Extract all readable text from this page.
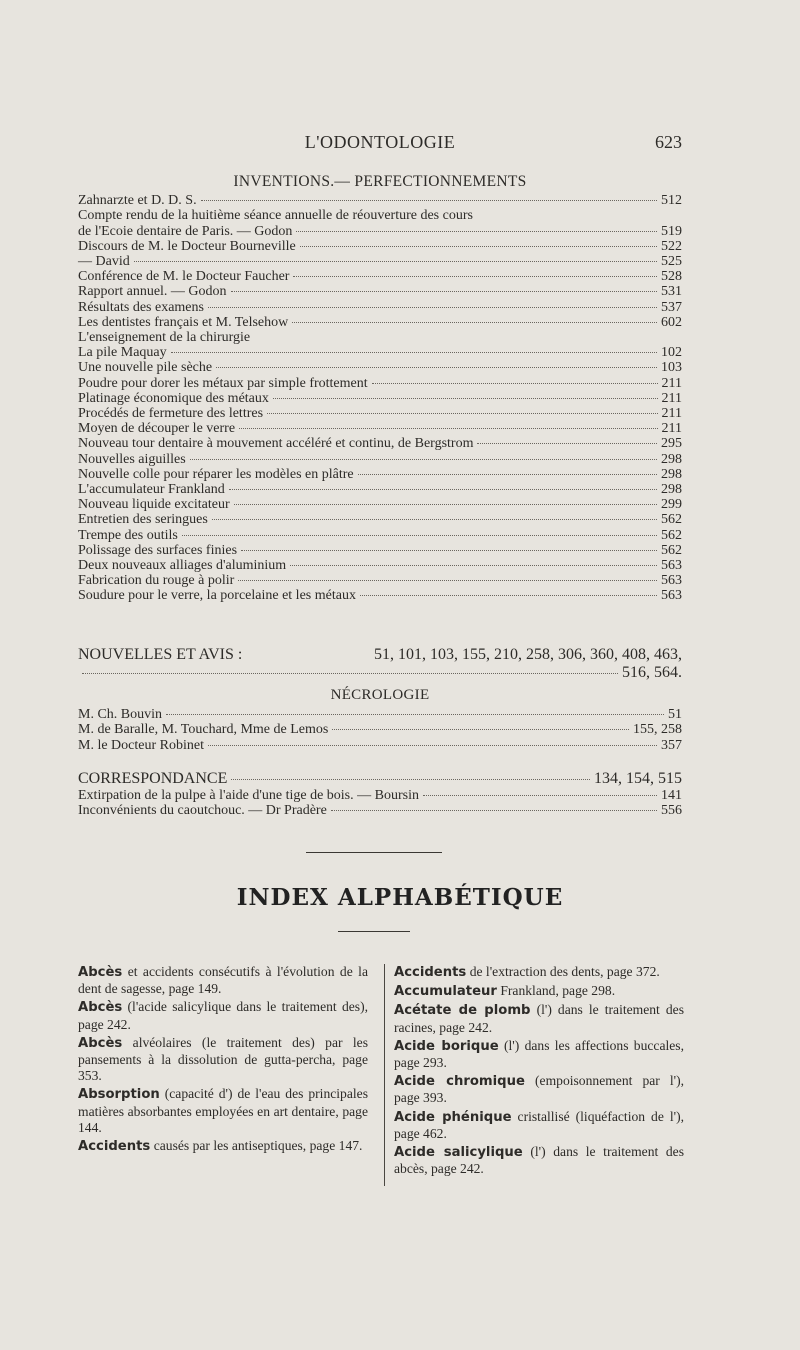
L'ODONTOLOGIE	623
INVENTIONS.— PERFECTIONNEMENTS
Zahnarzte et D. D. S.	512
Compte rendu de la huitième séance annuelle de réouverture des cours
de l'Ecoie dentaire de Paris. — Godon	519
Discours de M. le Docteur Bourneville	522
— David	525
Conférence de M. le Docteur Faucher	528
Rapport annuel. — Godon	531
Résultats des examens	537
Les dentistes français et M. Telsehow	602
L'enseignement de la chirurgie
La pile Maquay	102
Une nouvelle pile sèche	103
Poudre pour dorer les métaux par simple frottement	211
Platinage économique des métaux	211
Procédés de fermeture des lettres	211
Moyen de découper le verre	211
Nouveau tour dentaire à mouvement accéléré et continu, de Bergstrom	295
Nouvelles aiguilles	298
Nouvelle colle pour réparer les modèles en plâtre	298
L'accumulateur Frankland	298
Nouveau liquide excitateur	299
Entretien des seringues	562
Trempe des outils	562
Polissage des surfaces finies	562
Deux nouveaux alliages d'aluminium	563
Fabrication du rouge à polir	563
Soudure pour le verre, la porcelaine et les métaux	563
NOUVELLES ET AVIS :	51, 101, 103, 155, 210, 258, 306, 360, 408, 463,
516, 564.
NÉCROLOGIE
M. Ch. Bouvin	51
M. de Baralle, M. Touchard, Mme de Lemos	155, 258
M. le Docteur Robinet	357
CORRESPONDANCE	134, 154, 515
Extirpation de la pulpe à l'aide d'une tige de bois. — Boursin	141
Inconvénients du caoutchouc. — Dr Pradère	556
INDEX ALPHABÉTIQUE
Abcès et accidents consécutifs à l'évolution de la dent de sagesse, page 149.
Abcès (l'acide salicylique dans le traitement des), page 242.
Abcès alvéolaires (le traitement des) par les pansements à la dissolution de gutta-percha, page 353.
Absorption (capacité d') de l'eau des principales matières absorbantes employées en art dentaire, page 144.
Accidents causés par les antiseptiques, page 147.
Accidents de l'extraction des dents, page 372.
Accumulateur Frankland, page 298.
Acétate de plomb (l') dans le traitement des racines, page 242.
Acide borique (l') dans les affections buccales, page 293.
Acide chromique (empoisonnement par l'), page 393.
Acide phénique cristallisé (liquéfaction de l'), page 462.
Acide salicylique (l') dans le traitement des abcès, page 242.
